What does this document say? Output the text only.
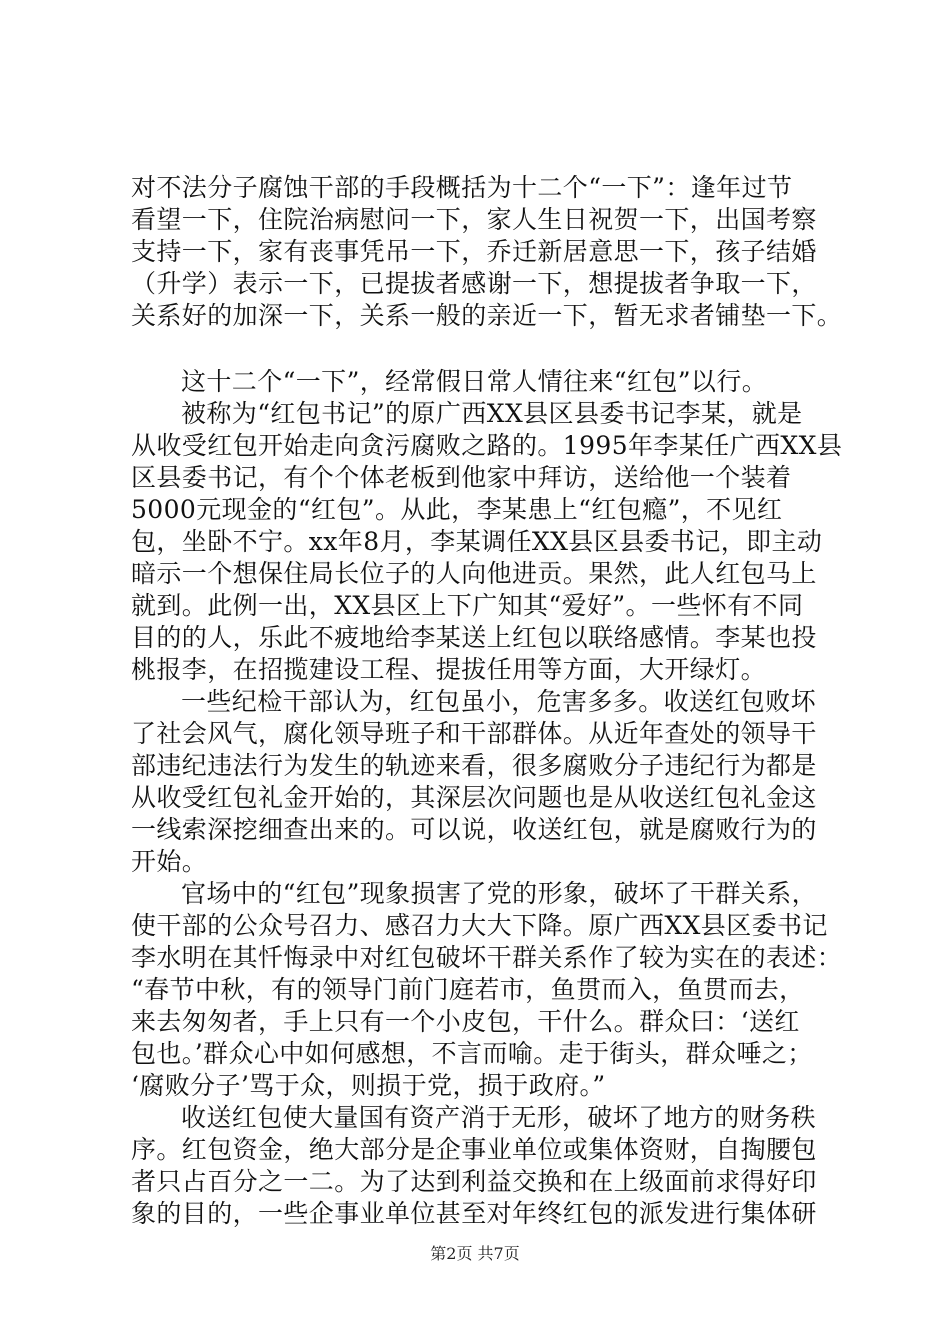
对不法分子腐蚀干部的手段概括为十二个“一下”：逢年过节
看望一下，住院治病慰问一下，家人生日祝贺一下，出国考察
支持一下，家有丧事凭吊一下，乔迁新居意思一下，孩子结婚
（升学）表示一下，已提拔者感谢一下，想提拔者争取一下，
关系好的加深一下，关系一般的亲近一下，暂无求者铺垫一下。
这十二个“一下”，经常假日常人情往来“红包”以行。
被称为“红包书记”的原广西XX县区县委书记李某，就是
从收受红包开始走向贪污腐败之路的。1995年李某任广西XX县
区县委书记，有个个体老板到他家中拜访，送给他一个装着
5000元现金的“红包”。从此，李某患上“红包瘾”，不见红
包，坐卧不宁。xx年8月，李某调任XX县区县委书记，即主动
暗示一个想保住局长位子的人向他进贡。果然，此人红包马上
就到。此例一出，XX县区上下广知其“爱好”。一些怀有不同
目的的人，乐此不疲地给李某送上红包以联络感情。李某也投
桃报李，在招揽建设工程、提拔任用等方面，大开绿灯。
一些纪检干部认为，红包虽小，危害多多。收送红包败坏
了社会风气，腐化领导班子和干部群体。从近年查处的领导干
部违纪违法行为发生的轨迹来看，很多腐败分子违纪行为都是
从收受红包礼金开始的，其深层次问题也是从收送红包礼金这
一线索深挖细查出来的。可以说，收送红包，就是腐败行为的
开始。
官场中的“红包”现象损害了党的形象，破坏了干群关系，
使干部的公众号召力、感召力大大下降。原广西XX县区委书记
李水明在其忏悔录中对红包破坏干群关系作了较为实在的表述：
“春节中秋，有的领导门前门庭若市，鱼贯而入，鱼贯而去，
来去匆匆者，手上只有一个小皮包，干什么。群众曰：‘送红
包也。’群众心中如何感想，不言而喻。走于街头，群众唾之；
‘腐败分子’骂于众，则损于党，损于政府。”
收送红包使大量国有资产消于无形，破坏了地方的财务秩
序。红包资金，绝大部分是企事业单位或集体资财，自掏腰包
者只占百分之一二。为了达到利益交换和在上级面前求得好印
象的目的，一些企事业单位甚至对年终红包的派发进行集体研
第2页 共7页
